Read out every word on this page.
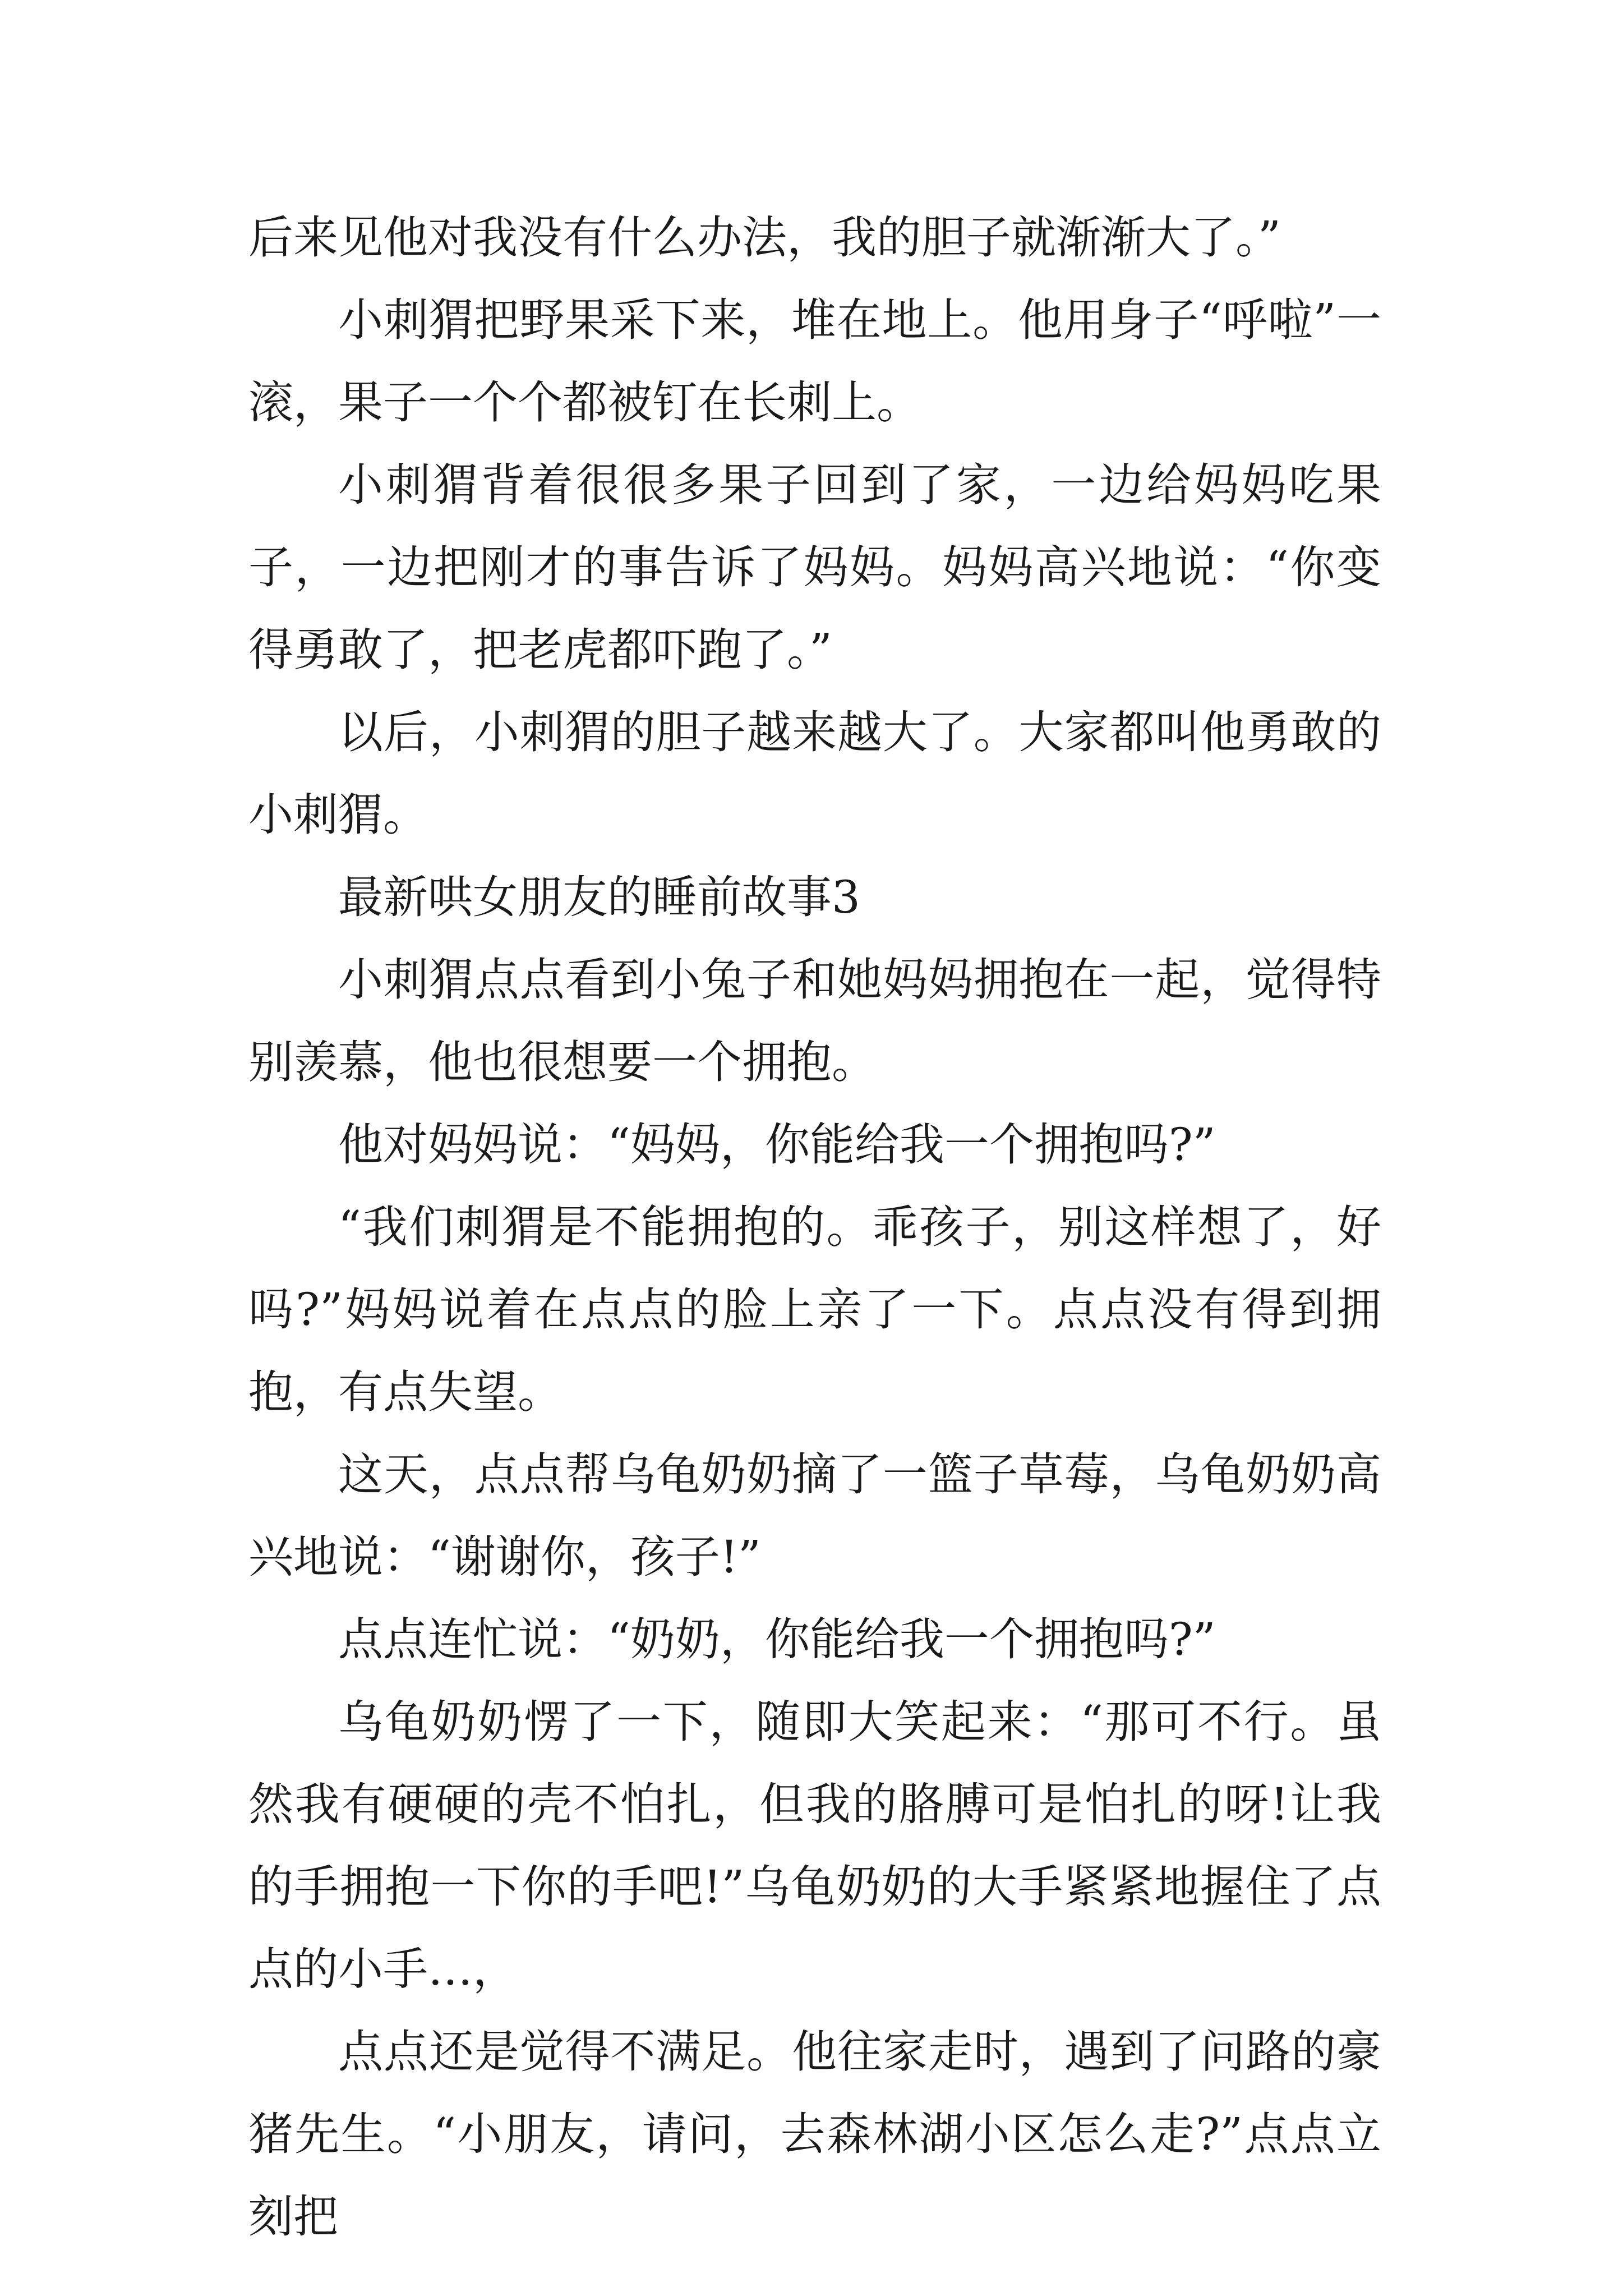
后来见他对我没有什么办法，我的胆子就渐渐大了。”

小刺猬把野果采下来，堆在地上。他用身子“呼啦”一滚，果子一个个都被钉在长刺上。

小刺猬背着很很多果子回到了家，一边给妈妈吃果子，一边把刚才的事告诉了妈妈。妈妈高兴地说：“你变得勇敢了，把老虎都吓跑了。”

以后，小刺猬的胆子越来越大了。大家都叫他勇敢的小刺猬。

最新哄女朋友的睡前故事3

小刺猬点点看到小兔子和她妈妈拥抱在一起，觉得特别羡慕，他也很想要一个拥抱。

他对妈妈说：“妈妈，你能给我一个拥抱吗?”

“我们刺猬是不能拥抱的。乖孩子，别这样想了，好吗?”妈妈说着在点点的脸上亲了一下。点点没有得到拥抱，有点失望。

这天，点点帮乌龟奶奶摘了一篮子草莓，乌龟奶奶高兴地说：“谢谢你，孩子!”

点点连忙说：“奶奶，你能给我一个拥抱吗?”

乌龟奶奶愣了一下，随即大笑起来：“那可不行。虽然我有硬硬的壳不怕扎，但我的胳膊可是怕扎的呀!让我的手拥抱一下你的手吧!”乌龟奶奶的大手紧紧地握住了点点的小手…，

点点还是觉得不满足。他往家走时，遇到了问路的豪猪先生。“小朋友，请问，去森林湖小区怎么走?”点点立刻把
